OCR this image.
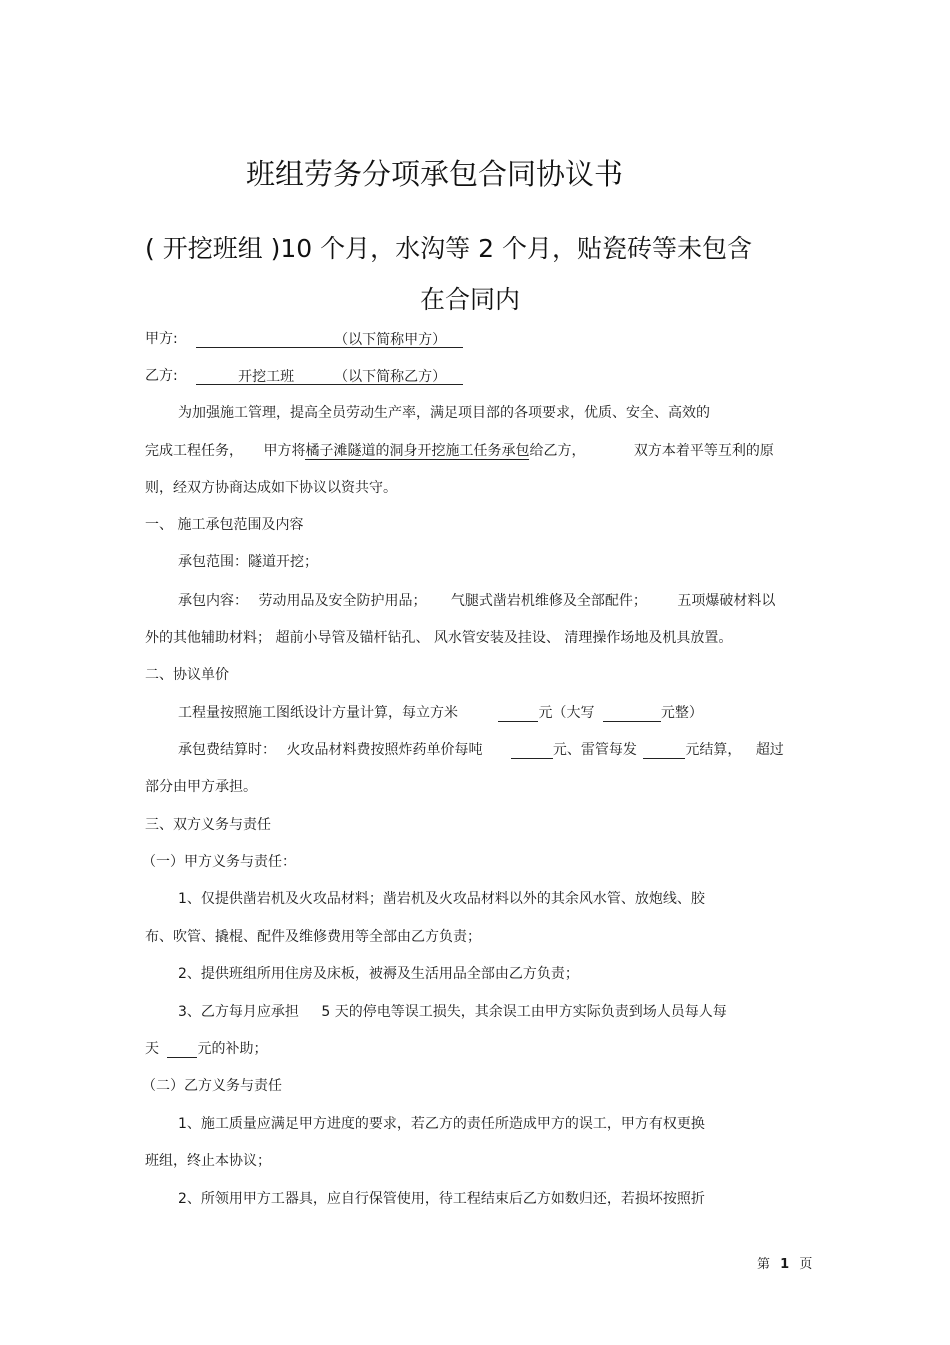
班组劳务分项承包合同协议书
( 开挖班组 )10 个月，水沟等 2 个月，贴瓷砖等未包含
在合同内
甲方:	（以下简称甲方）
乙方:	开挖工班	（以下简称乙方）
为加强施工管理，提高全员劳动生产率，满足项目部的各项要求，优质、安全、高效的
完成工程任务， 甲方将橘子滩隧道的洞身开挖施工任务承包给乙方，	双方本着平等互利的原
则，经双方协商达成如下协议以资共守。
一、 施工承包范围及内容
承包范围：隧道开挖；
承包内容： 劳动用品及安全防护用品； 气腿式凿岩机维修及全部配件； 五项爆破材料以
外的其他辅助材料； 超前小导管及锚杆钻孔、 风水管安装及挂设、 清理操作场地及机具放置。
二、协议单价
工程量按照施工图纸设计方量计算，每立方米	元（大写	元整）
承包费结算时： 火攻品材料费按照炸药单价每吨	元、雷管每发	元结算， 超过
部分由甲方承担。
三、双方义务与责任
（一）甲方义务与责任：
1、仅提供凿岩机及火攻品材料；凿岩机及火攻品材料以外的其余风水管、放炮线、胶
布、吹管、撬棍、配件及维修费用等全部由乙方负责；
2、提供班组所用住房及床板，被褥及生活用品全部由乙方负责；
3、乙方每月应承担 5 天的停电等误工损失，其余误工由甲方实际负责到场人员每人每
天	元的补助；
（二）乙方义务与责任
1、施工质量应满足甲方进度的要求，若乙方的责任所造成甲方的误工，甲方有权更换
班组，终止本协议；
2、所领用甲方工器具，应自行保管使用，待工程结束后乙方如数归还，若损坏按照折
第 1 页
